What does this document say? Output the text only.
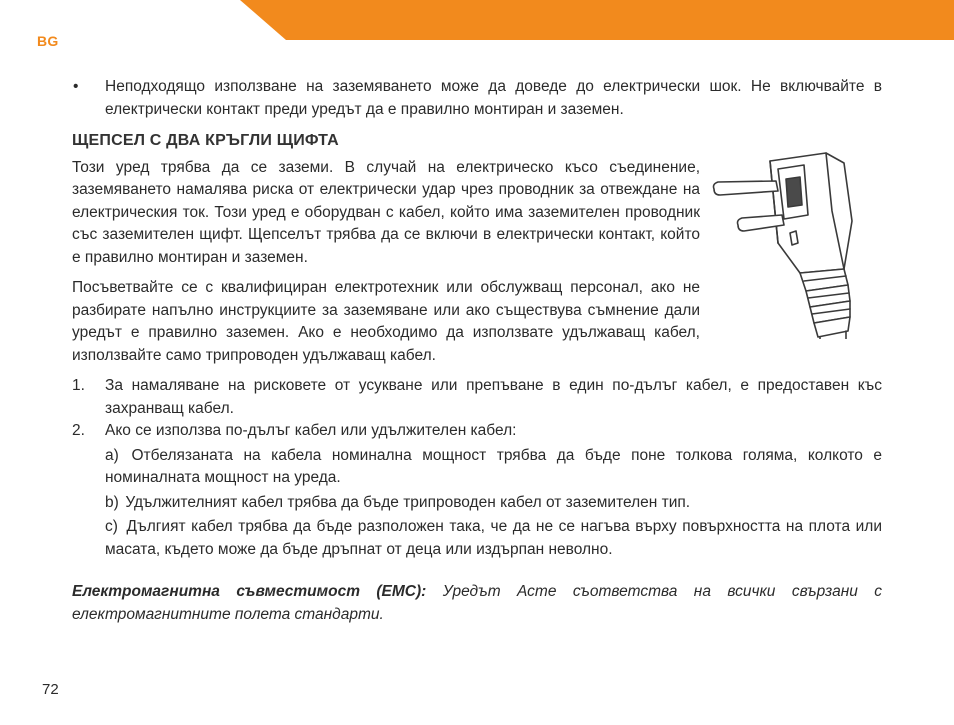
BG
•	Неподходящо използване на заземяването може да доведе до електрически шок. Не включвайте в електрически контакт преди уредът да е правилно монтиран и заземен.
ЩЕПСЕЛ С ДВА КРЪГЛИ ЩИФТА

Този уред трябва да се заземи. В случай на електрическо късо съединение, заземяването намалява риска от електрически удар чрез проводник за отвеждане на електрическия ток. Този уред е оборудван с кабел, който има заземителен проводник със заземителен щифт. Щепселът трябва да се включи в електрически контакт, който е правилно монтиран и заземен.

Посъветвайте се с квалифициран електротехник или обслужващ персонал, ако не разбирате напълно инструкциите за заземяване или ако съществува съмнение дали уредът е правилно заземен. Ако е необходимо да използвате удължаващ кабел, използвайте само трипроводен удължаващ кабел.

1.	За намаляване на рисковете от усукване или препъване в един по-дълъг кабел, е предоставен къс захранващ кабел.
2.	Ако се използва по-дълъг кабел или удължителен кабел:
a) Отбелязаната на кабела номинална мощност трябва да бъде поне толкова голяма, колкото е номиналната мощност на уреда.
b) Удължителният кабел трябва да бъде трипроводен кабел от заземителен тип.
c) Дългият кабел трябва да бъде разположен така, че да не се нагъва върху повърхността на плота или масата, където може да бъде дръпнат от деца или издърпан неволно.

Електромагнитна съвместимост (EMC): Уредът Асте съответства на всички свързани с електромагнитните полета стандарти.

72
